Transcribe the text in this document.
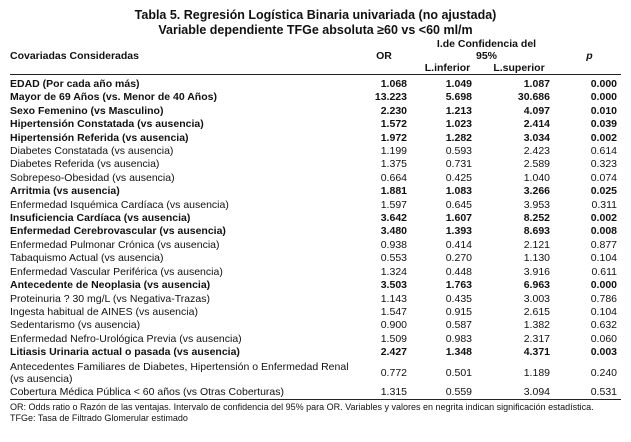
Tabla 5. Regresión Logística Binaria univariada (no ajustada)
Variable dependiente TFGe absoluta ≥60 vs <60 ml/m
		I.de Confidencia del		
Covariadas Consideradas	OR	95%		p
		L.inferior	L.superior	
EDAD (Por cada año más)	1.068	1.049	1.087	0.000
Mayor de 69 Años (vs. Menor de 40 Años)	13.223	5.698	30.686	0.000
Sexo Femenino (vs Masculino)	2.230	1.213	4.097	0.010
Hipertensión Constatada (vs ausencia)	1.572	1.023	2.414	0.039
Hipertensión Referida (vs ausencia)	1.972	1.282	3.034	0.002
Diabetes Constatada (vs ausencia)	1.199	0.593	2.423	0.614
Diabetes Referida (vs ausencia)	1.375	0.731	2.589	0.323
Sobrepeso-Obesidad (vs ausencia)	0.664	0.425	1.040	0.074
Arritmia (vs ausencia)	1.881	1.083	3.266	0.025
Enfermedad Isquémica Cardíaca (vs ausencia)	1.597	0.645	3.953	0.311
Insuficiencia Cardíaca (vs ausencia)	3.642	1.607	8.252	0.002
Enfermedad Cerebrovascular (vs ausencia)	3.480	1.393	8.693	0.008
Enfermedad Pulmonar Crónica (vs ausencia)	0.938	0.414	2.121	0.877
Tabaquismo Actual (vs ausencia)	0.553	0.270	1.130	0.104
Enfermedad Vascular Periférica (vs ausencia)	1.324	0.448	3.916	0.611
Antecedente de Neoplasia (vs ausencia)	3.503	1.763	6.963	0.000
Proteinuria ? 30 mg/L (vs Negativa-Trazas)	1.143	0.435	3.003	0.786
Ingesta habitual de AINES (vs ausencia)	1.547	0.915	2.615	0.104
Sedentarismo (vs ausencia)	0.900	0.587	1.382	0.632
Enfermedad Nefro-Urológica Previa (vs ausencia)	1.509	0.983	2.317	0.060
Litiasis Urinaria actual o pasada (vs ausencia)	2.427	1.348	4.371	0.003
Antecedentes Familiares de Diabetes, Hipertensión o Enfermedad Renal (vs ausencia)	0.772	0.501	1.189	0.240
Cobertura Médica Pública < 60 años (vs Otras Coberturas)	1.315	0.559	3.094	0.531
OR: Odds ratio o Razón de las ventajas. Intervalo de confidencia del 95% para OR. Variables y valores en negrita indican significación estadística. TFGe: Tasa de Filtrado Glomerular estimado
